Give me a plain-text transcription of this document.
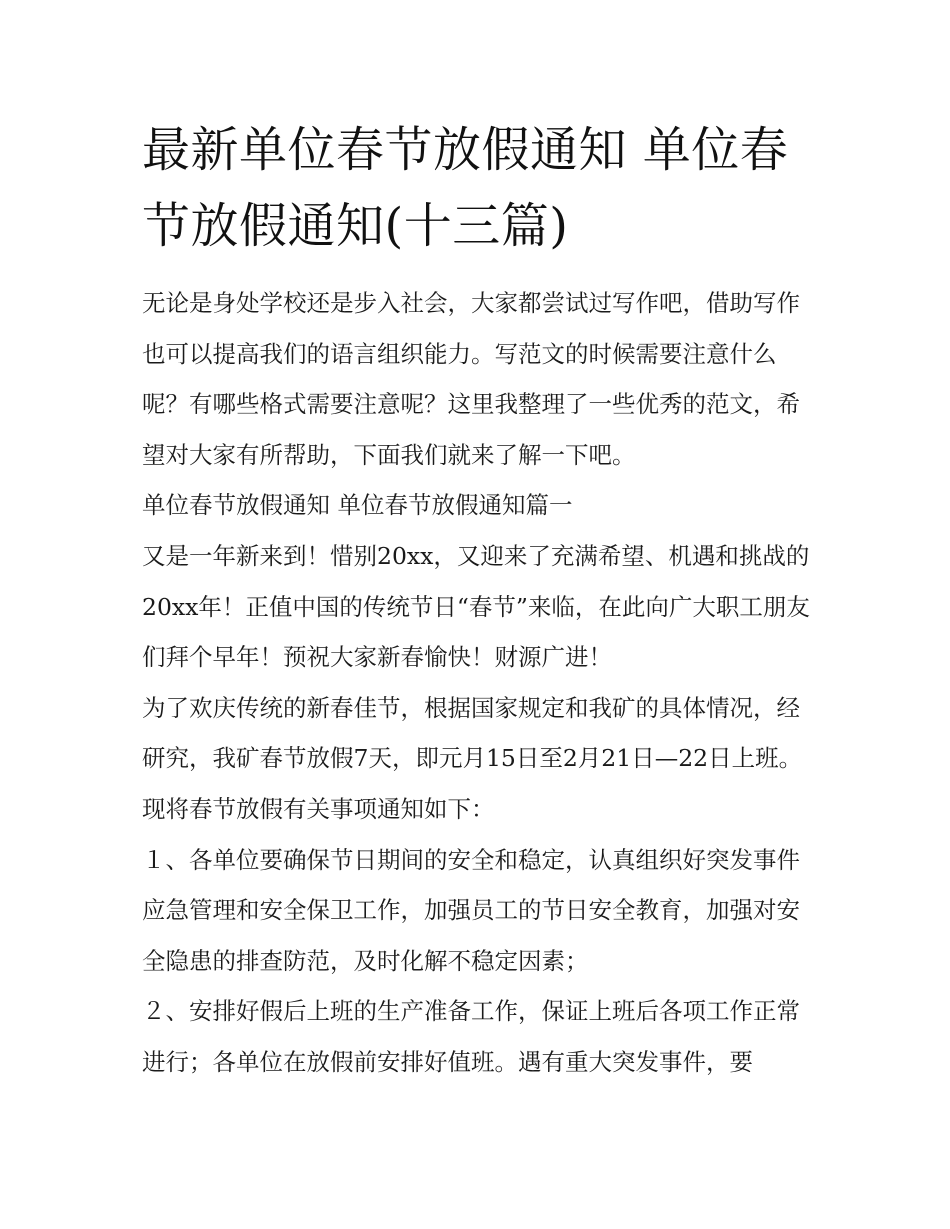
最新单位春节放假通知 单位春节放假通知(十三篇)

无论是身处学校还是步入社会，大家都尝试过写作吧，借助写作也可以提高我们的语言组织能力。写范文的时候需要注意什么呢？有哪些格式需要注意呢？这里我整理了一些优秀的范文，希望对大家有所帮助，下面我们就来了解一下吧。

单位春节放假通知 单位春节放假通知篇一

又是一年新来到！惜别20xx，又迎来了充满希望、机遇和挑战的20xx年！正值中国的传统节日“春节”来临，在此向广大职工朋友们拜个早年！预祝大家新春愉快！财源广进！

为了欢庆传统的新春佳节，根据国家规定和我矿的具体情况，经研究，我矿春节放假7天，即元月15日至2月21日—22日上班。 现将春节放假有关事项通知如下：

１、各单位要确保节日期间的安全和稳定，认真组织好突发事件应急管理和安全保卫工作，加强员工的节日安全教育，加强对安全隐患的排查防范，及时化解不稳定因素；

２、安排好假后上班的生产准备工作，保证上班后各项工作正常进行；各单位在放假前安排好值班。遇有重大突发事件，要
